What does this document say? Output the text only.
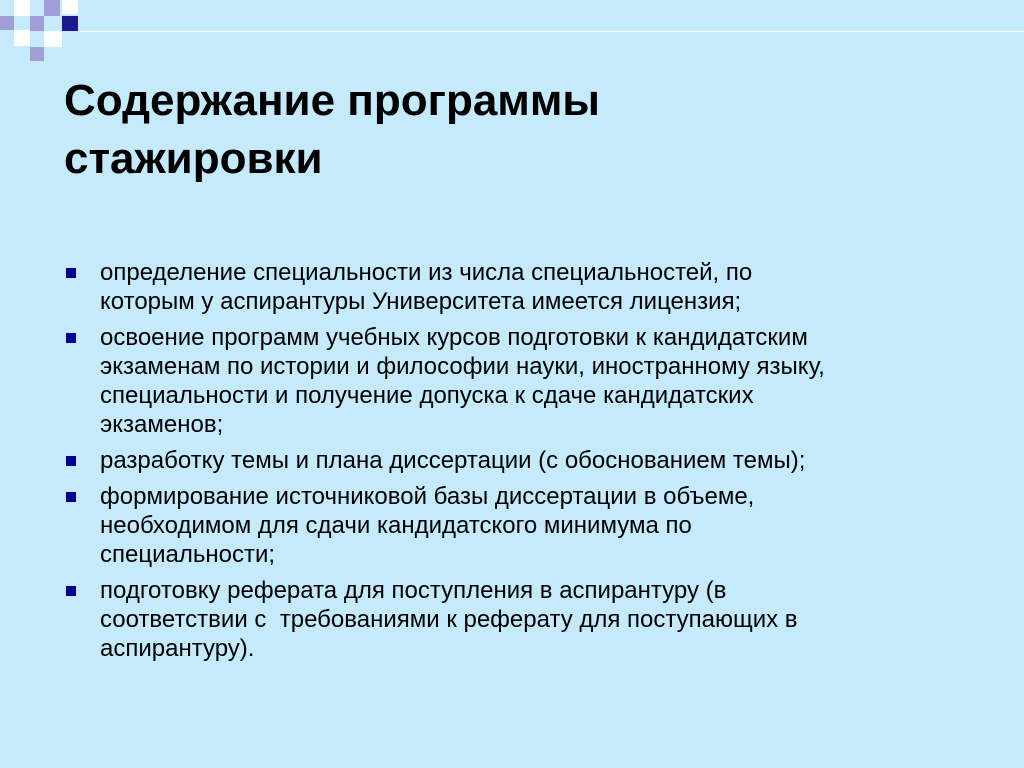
Содержание программы
стажировки
определение специальности из числа специальностей, по
которым у аспирантуры Университета имеется лицензия;
освоение программ учебных курсов подготовки к кандидатским
экзаменам по истории и философии науки, иностранному языку,
специальности и получение допуска к сдаче кандидатских
экзаменов;
разработку темы и плана диссертации (с обоснованием темы);
формирование источниковой базы диссертации в объеме,
необходимом для сдачи кандидатского минимума по
специальности;
подготовку реферата для поступления в аспирантуру (в
соответствии с  требованиями к реферату для поступающих в
аспирантуру).
